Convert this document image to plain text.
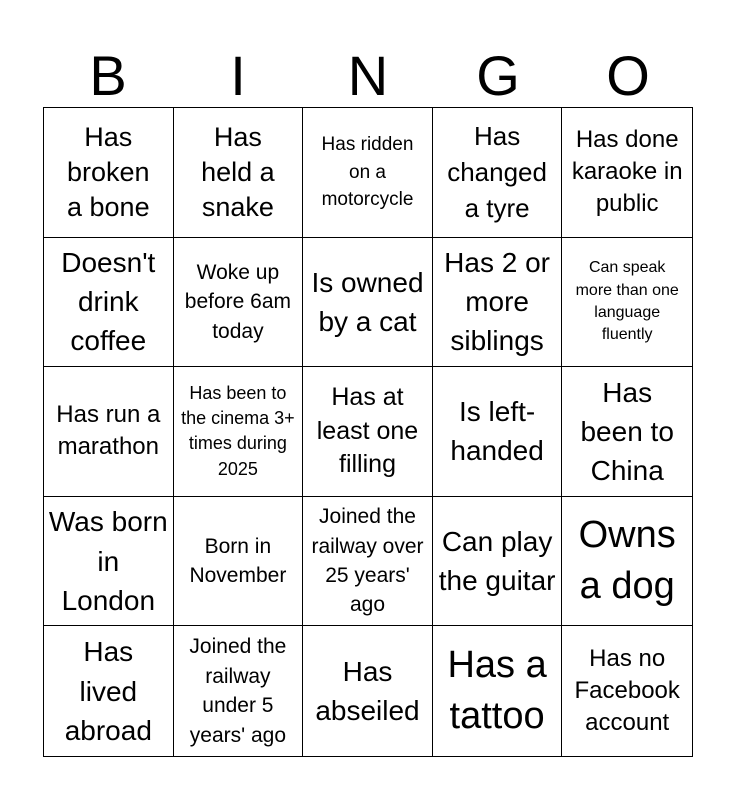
B	I	N	G	O
Has broken a bone
Has held a snake
Has ridden on a motorcycle
Has changed a tyre
Has done karaoke in public
Doesn't drink coffee
Woke up before 6am today
Is owned by a cat
Has 2 or more siblings
Can speak more than one language fluently
Has run a marathon
Has been to the cinema 3+ times during 2025
Has at least one filling
Is left-handed
Has been to China
Was born in London
Born in November
Joined the railway over 25 years' ago
Can play the guitar
Owns a dog
Has lived abroad
Joined the railway under 5 years' ago
Has abseiled
Has a tattoo
Has no Facebook account
